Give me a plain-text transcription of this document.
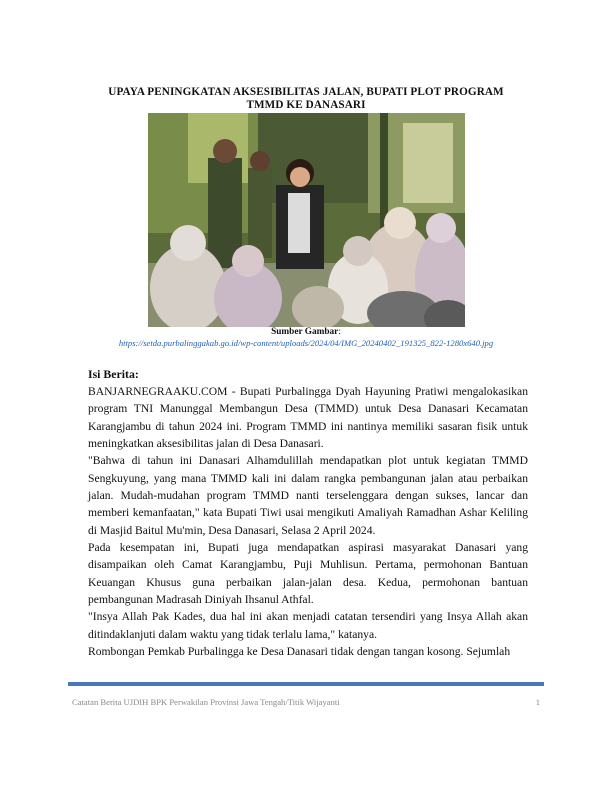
UPAYA PENINGKATAN AKSESIBILITAS JALAN, BUPATI PLOT PROGRAM
TMMD KE DANASARI
Sumber Gambar:
https://setda.purbalinggakab.go.id/wp-content/uploads/2024/04/IMG_20240402_191325_822-1280x640.jpg
Isi Berita:

BANJARNEGRAAKU.COM - Bupati Purbalingga Dyah Hayuning Pratiwi mengalokasikan program TNI Manunggal Membangun Desa (TMMD) untuk Desa Danasari Kecamatan Karangjambu di tahun 2024 ini. Program TMMD ini nantinya memiliki sasaran fisik untuk meningkatkan aksesibilitas jalan di Desa Danasari.

"Bahwa di tahun ini Danasari Alhamdulillah mendapatkan plot untuk kegiatan TMMD Sengkuyung, yang mana TMMD kali ini dalam rangka pembangunan jalan atau perbaikan jalan. Mudah-mudahan program TMMD nanti terselenggara dengan sukses, lancar dan memberi kemanfaatan," kata Bupati Tiwi usai mengikuti Amaliyah Ramadhan Ashar Keliling di Masjid Baitul Mu'min, Desa Danasari, Selasa 2 April 2024.

Pada kesempatan ini, Bupati juga mendapatkan aspirasi masyarakat Danasari yang disampaikan oleh Camat Karangjambu, Puji Muhlisun. Pertama, permohonan Bantuan Keuangan Khusus guna perbaikan jalan-jalan desa. Kedua, permohonan bantuan pembangunan Madrasah Diniyah Ihsanul Athfal.

"Insya Allah Pak Kades, dua hal ini akan menjadi catatan tersendiri yang Insya Allah akan ditindaklanjuti dalam waktu yang tidak terlalu lama," katanya.

Rombongan Pemkab Purbalingga ke Desa Danasari tidak dengan tangan kosong. Sejumlah

Catatan Berita UJDIH BPK Perwakilan Provinsi Jawa Tengah/Titik Wijayanti	1
